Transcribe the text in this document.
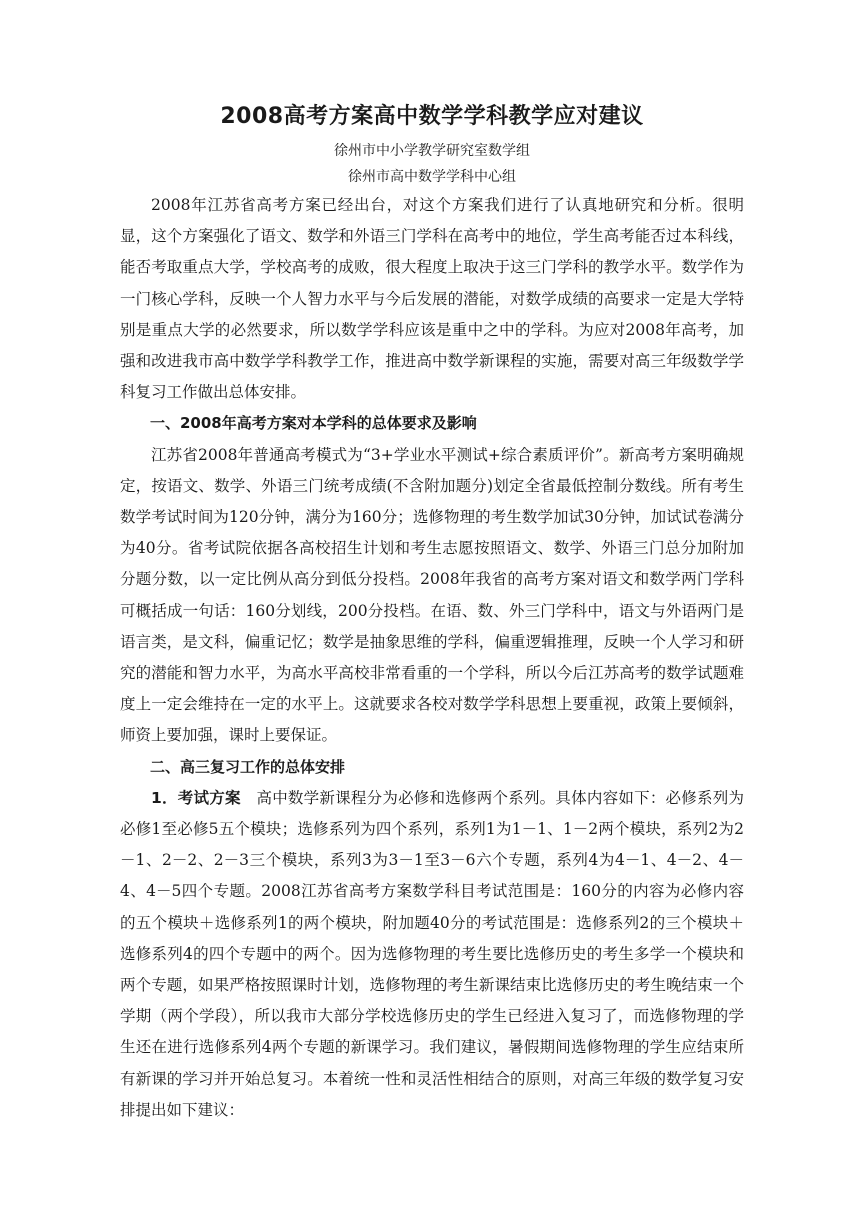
2008高考方案高中数学学科教学应对建议

徐州市中小学教学研究室数学组

徐州市高中数学学科中心组

2008年江苏省高考方案已经出台，对这个方案我们进行了认真地研究和分析。很明显，这个方案强化了语文、数学和外语三门学科在高考中的地位，学生高考能否过本科线，能否考取重点大学，学校高考的成败，很大程度上取决于这三门学科的教学水平。数学作为一门核心学科，反映一个人智力水平与今后发展的潜能，对数学成绩的高要求一定是大学特别是重点大学的必然要求，所以数学学科应该是重中之中的学科。为应对2008年高考，加强和改进我市高中数学学科教学工作，推进高中数学新课程的实施，需要对高三年级数学学科复习工作做出总体安排。

一、2008年高考方案对本学科的总体要求及影响

江苏省2008年普通高考模式为“3+学业水平测试+综合素质评价”。新高考方案明确规定，按语文、数学、外语三门统考成绩(不含附加题分)划定全省最低控制分数线。所有考生数学考试时间为120分钟，满分为160分；选修物理的考生数学加试30分钟，加试试卷满分为40分。省考试院依据各高校招生计划和考生志愿按照语文、数学、外语三门总分加附加分题分数，以一定比例从高分到低分投档。2008年我省的高考方案对语文和数学两门学科可概括成一句话：160分划线，200分投档。在语、数、外三门学科中，语文与外语两门是语言类，是文科，偏重记忆；数学是抽象思维的学科，偏重逻辑推理，反映一个人学习和研究的潜能和智力水平，为高水平高校非常看重的一个学科，所以今后江苏高考的数学试题难度上一定会维持在一定的水平上。这就要求各校对数学学科思想上要重视，政策上要倾斜，师资上要加强，课时上要保证。

二、高三复习工作的总体安排

1．考试方案　 高中数学新课程分为必修和选修两个系列。具体内容如下：必修系列为必修1至必修5五个模块；选修系列为四个系列，系列1为1－1、1－2两个模块，系列2为2－1、2－2、2－3三个模块，系列3为3－1至3－6六个专题，系列4为4－1、4－2、4－4、4－5四个专题。2008江苏省高考方案数学科目考试范围是：160分的内容为必修内容的五个模块＋选修系列1的两个模块，附加题40分的考试范围是：选修系列2的三个模块＋选修系列4的四个专题中的两个。因为选修物理的考生要比选修历史的考生多学一个模块和两个专题，如果严格按照课时计划，选修物理的考生新课结束比选修历史的考生晚结束一个学期（两个学段），所以我市大部分学校选修历史的学生已经进入复习了，而选修物理的学生还在进行选修系列4两个专题的新课学习。我们建议，暑假期间选修物理的学生应结束所有新课的学习并开始总复习。本着统一性和灵活性相结合的原则，对高三年级的数学复习安排提出如下建议：
